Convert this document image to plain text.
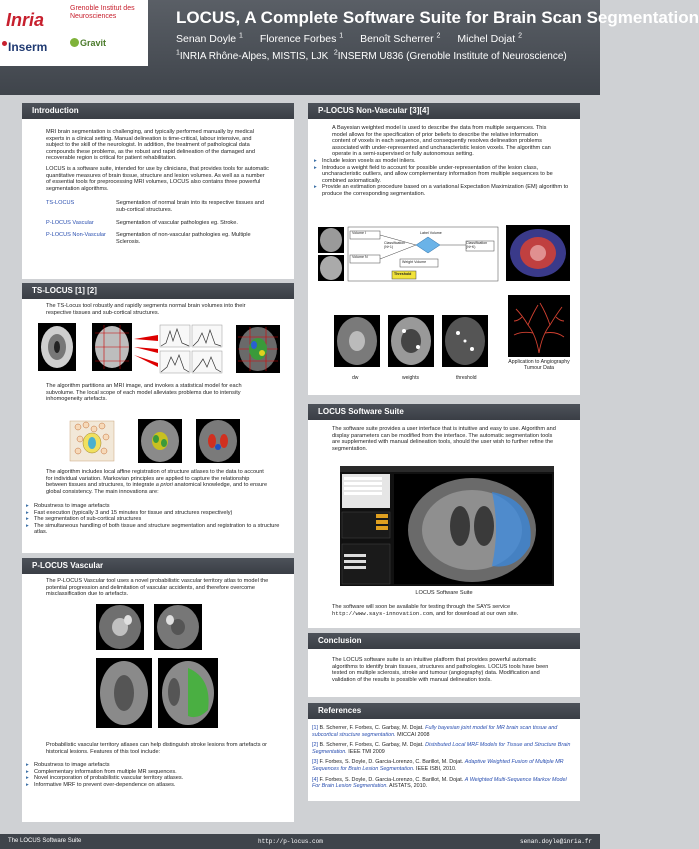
Inria
Grenoble Institut des Neurosciences
Inserm	Gravit
LOCUS, A Complete Software Suite for Brain Scan Segmentation
Senan Doyle $^1$ Florence Forbes $^1$ Benoît Scherrer $^2$ Michel Dojat $^2$
$^1$INRIA Rhône-Alpes, MISTIS, LJK $^2$INSERM U836 (Grenoble Institute of Neuroscience)
Introduction
MRI brain segmentation is challenging, and typically performed manually by medical experts in a clinical setting. Manual delineation is time-critical, labour intensive, and subject to the skill of the neurologist. In addition, the treatment of pathological data compounds these problems, as the robust and rapid delineation of the damaged and recoverable region is critical for patient rehabilitation.
LOCUS is a software suite, intended for use by clinicians, that provides tools for automatic quantitative measures of brain tissue, structure and lesion volumes. As well as a number of essential tools for preprocessing MRI volumes, LOCUS also contains three powerful segmentation algorithms.
TS-LOCUS	Segmentation of normal brain into its respective tissues and sub-cortical structures.
P-LOCUS Vascular	Segmentation of vascular pathologies eg. Stroke.
P-LOCUS Non-Vascular	Segmentation of non-vascular pathologies eg. Multiple Sclerosis.
TS-LOCUS [1] [2]
The TS-Locus tool robustly and rapidly segments normal brain volumes into their respective tissues and sub-cortical structures.
The algorithm partitions an MRI image, and invokes a statistical model for each subvolume. The local scope of each model alleviates problems due to intensity inhomogeneity artefacts.
The algorithm includes local affine registration of structure atlases to the data to account for individual variation. Markovian principles are applied to capture the relationship between tissues and structures, to integrate a priori anatomical knowledge, and to ensure global consistency. The main innovations are:
▸ Robustness to image artefacts
▸ Fast execution (typically 3 and 15 minutes for tissue and structures respectively)
▸ The segmentation of sub-cortical structures
▸ The simultaneous handling of both tissue and structure segmentation and registration to a structure atlas.
P-LOCUS Vascular
The P-LOCUS Vascular tool uses a novel probabilistic vascular territory atlas to model the potential progression and delimitation of vascular accidents, and therefore overcome misclassification due to artefacts.
Probabilistic vascular territory atlases can help distinguish stroke lesions from artefacts or historical lesions. Features of this tool include:
▸ Robustness to image artefacts
▸ Complementary information from multiple MR sequences.
▸ Novel incorporation of probabilistic vascular territory atlases.
▸ Informative MRF to prevent over-dependence on atlases.
P-LOCUS Non-Vascular [3][4]
A Bayesian weighted model is used to describe the data from multiple sequences. This model allows for the specification of prior beliefs to describe the relative information content of voxels in each sequence, and consequently resolves delineation problems associated with under-represented and uncharacteristic lesion voxels. The algorithm can operate in a semi-supervised or fully autonomous setting.
▸ Include lesion voxels as model inliers.
▸ Introduce a weight field to account for possible under-representation of the lesion class, uncharacteristic outliers, and allow complementary information from multiple sequences to be combined axiomatically.
▸ Provide an estimation procedure based on a variational Expectation Maximization (EM) algorithm to produce the corresponding segmentation.
Volume I
Volume N
Classification (N+1)
Label Volume
Classification (N+K)
Weight Volume
Threshold
dw	weights	threshold
Application to Angiography Tumour Data
LOCUS Software Suite
The software suite provides a user interface that is intuitive and easy to use. Algorithm and display parameters can be modified from the interface. The automatic segmentation tools are supplemented with manual delineation tools, should the user wish to further refine the segmentation.
LOCUS Software Suite
The software will soon be available for testing through the SAYS service http://www.says-innovation.com, and for download at our own site.
Conclusion
The LOCUS software suite is an intuitive platform that provides powerful automatic algorithms to identify brain tissues, structures and pathologies. LOCUS tools have been tested on multiple sclerosis, stroke and tumour (angiography) data. Modification and validation of the results is possible with manual delineation tools.
References
[1] B. Scherrer, F. Forbes, C. Garbay, M. Dojat. Fully bayesian joint model for MR brain scan tissue and subcortical structure segmentation. MICCAI 2008
[2] B. Scherrer, F. Forbes, C. Garbay, M. Dojat. Distributed Local MRF Models for Tissue and Structure Brain Segmentation. IEEE TMI 2009
[3] F. Forbes, S. Doyle, D. Garcia-Lorenzo, C. Barillot, M. Dojat. Adaptive Weighted Fusion of Multiple MR Sequences for Brain Lesion Segmentation. IEEE ISBI, 2010.
[4] F. Forbes, S. Doyle, D. Garcia-Lorenzo, C. Barillot, M. Dojat. A Weighted Multi-Sequence Markov Model For Brain Lesion Segmentation. AISTATS, 2010.
The LOCUS Software Suite	http://p-locus.com	senan.doyle@inria.fr
